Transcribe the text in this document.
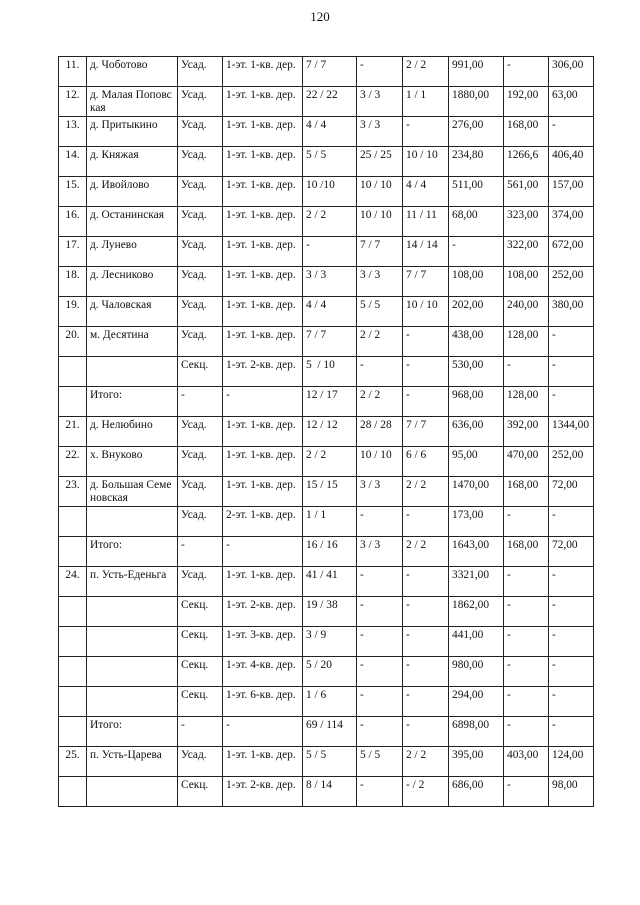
120
11.	д. Чоботово	Усад.	1-эт. 1-кв. дер.	7 / 7	-	2 / 2	991,00	-	306,00
12.	д. Малая Поповская	Усад.	1-эт. 1-кв. дер.	22 / 22	3 / 3	1 / 1	1880,00	192,00	63,00
13.	д. Притыкино	Усад.	1-эт. 1-кв. дер.	4 / 4	3 / 3	-	276,00	168,00	-
14.	д. Княжая	Усад.	1-эт. 1-кв. дер.	5 / 5	25 / 25	10 / 10	234,80	1266,6	406,40
15.	д. Ивойлово	Усад.	1-эт. 1-кв. дер.	10 /10	10 / 10	4 / 4	511,00	561,00	157,00
16.	д. Останинская	Усад.	1-эт. 1-кв. дер.	2 / 2	10 / 10	11 / 11	68,00	323,00	374,00
17.	д. Лунево	Усад.	1-эт. 1-кв. дер.	-	7 / 7	14 / 14	-	322,00	672,00
18.	д. Лесниково	Усад.	1-эт. 1-кв. дер.	3 / 3	3 / 3	7 / 7	108,00	108,00	252,00
19.	д. Чаловская	Усад.	1-эт. 1-кв. дер.	4 / 4	5 / 5	10 / 10	202,00	240,00	380,00
20.	м. Десятина	Усад.	1-эт. 1-кв. дер.	7 / 7	2 / 2	-	438,00	128,00	-
		Секц.	1-эт. 2-кв. дер.	5  / 10	-	-	530,00	-	-
	Итого:	-	-	12 / 17	2 / 2	-	968,00	128,00	-
21.	д. Нелюбино	Усад.	1-эт. 1-кв. дер.	12 / 12	28 / 28	7 / 7	636,00	392,00	1344,00
22.	х. Внуково	Усад.	1-эт. 1-кв. дер.	2 / 2	10 / 10	6 / 6	95,00	470,00	252,00
23.	д. Большая Семеновская	Усад.	1-эт. 1-кв. дер.	15 / 15	3 / 3	2 / 2	1470,00	168,00	72,00
		Усад.	2-эт. 1-кв. дер.	1 / 1	-	-	173,00	-	-
	Итого:	-	-	16 / 16	3 / 3	2 / 2	1643,00	168,00	72,00
24.	п. Усть-Еденьга	Усад.	1-эт. 1-кв. дер.	41 / 41	-	-	3321,00	-	-
		Секц.	1-эт. 2-кв. дер.	19 / 38	-	-	1862,00	-	-
		Секц.	1-эт. 3-кв. дер.	3 / 9	-	-	441,00	-	-
		Секц.	1-эт. 4-кв. дер.	5 / 20	-	-	980,00	-	-
		Секц.	1-эт. 6-кв. дер.	1 / 6	-	-	294,00	-	-
	Итого:	-	-	69 / 114	-	-	6898,00	-	-
25.	п. Усть-Царева	Усад.	1-эт. 1-кв. дер.	5 / 5	5 / 5	2 / 2	395,00	403,00	124,00
		Секц.	1-эт. 2-кв. дер.	8 / 14	-	- / 2	686,00	-	98,00
